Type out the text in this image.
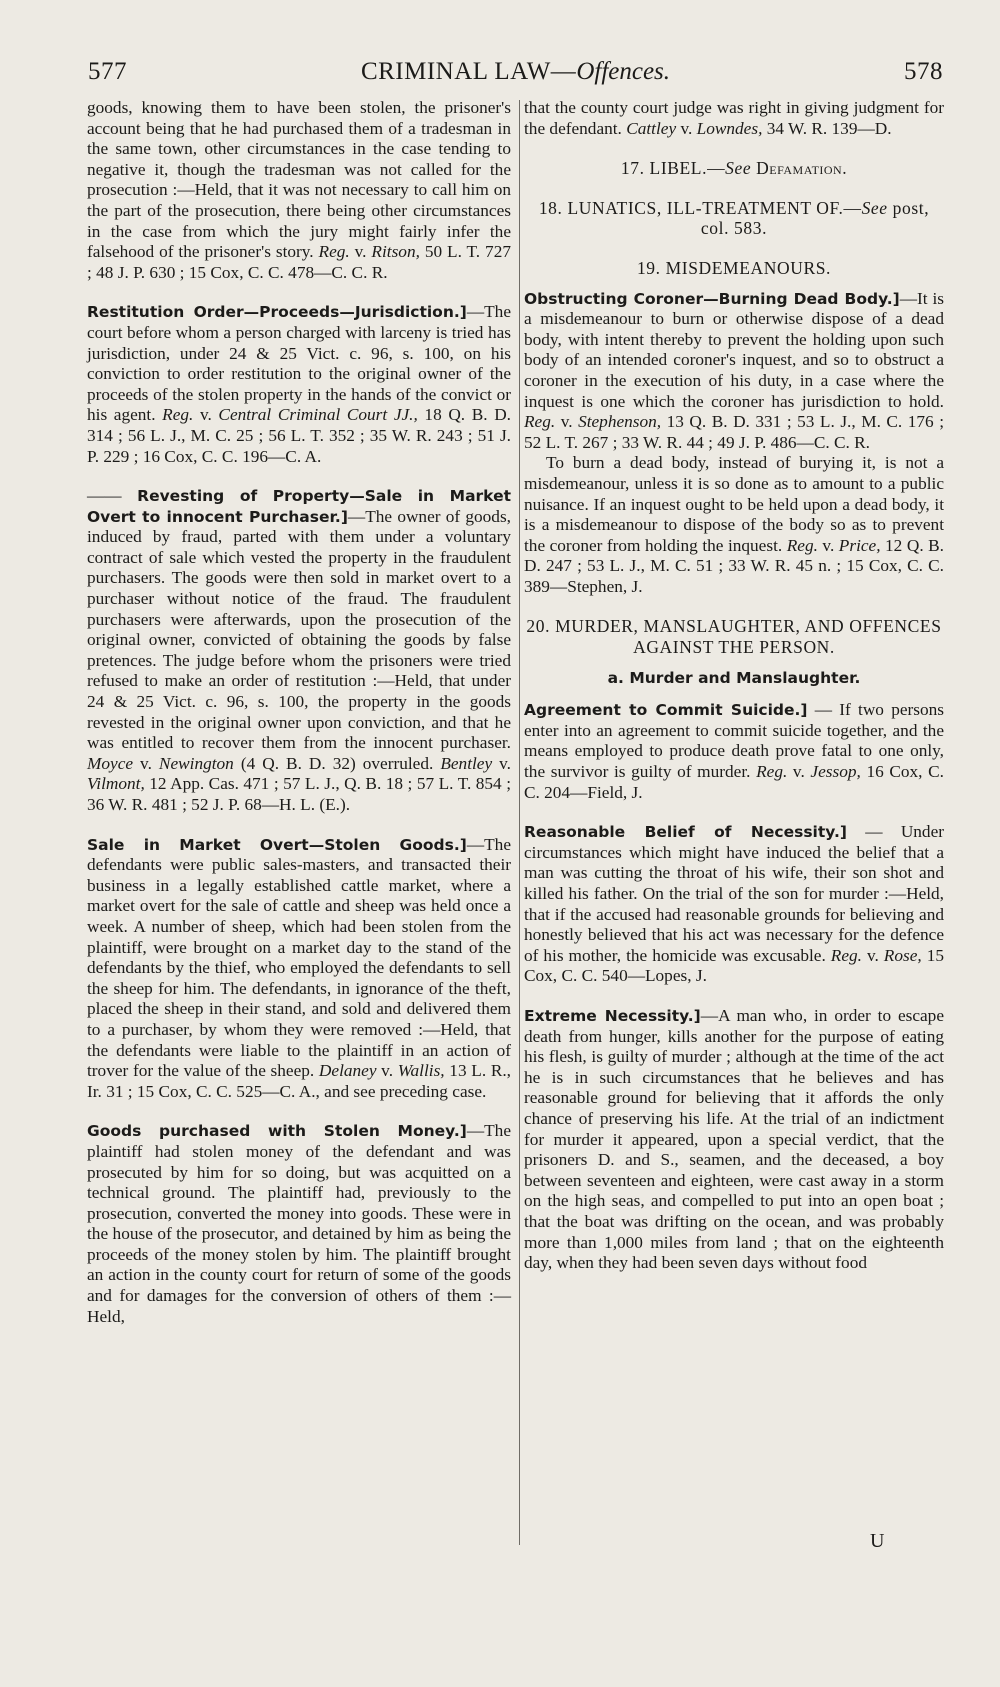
577	CRIMINAL LAW—Offences.	578

goods, knowing them to have been stolen, the prisoner's account being that he had purchased them of a tradesman in the same town, other circumstances in the case tending to negative it, though the tradesman was not called for the prosecution :—Held, that it was not necessary to call him on the part of the prosecution, there being other circumstances in the case from which the jury might fairly infer the falsehood of the prisoner's story. Reg. v. Ritson, 50 L. T. 727 ; 48 J. P. 630 ; 15 Cox, C. C. 478—C. C. R.

Restitution Order—Proceeds—Jurisdiction.]—The court before whom a person charged with larceny is tried has jurisdiction, under 24 & 25 Vict. c. 96, s. 100, on his conviction to order restitution to the original owner of the proceeds of the stolen property in the hands of the convict or his agent. Reg. v. Central Criminal Court JJ., 18 Q. B. D. 314 ; 56 L. J., M. C. 25 ; 56 L. T. 352 ; 35 W. R. 243 ; 51 J. P. 229 ; 16 Cox, C. C. 196—C. A.

—— Revesting of Property—Sale in Market Overt to innocent Purchaser.]—The owner of goods, induced by fraud, parted with them under a voluntary contract of sale which vested the property in the fraudulent purchasers. The goods were then sold in market overt to a purchaser without notice of the fraud. The fraudulent purchasers were afterwards, upon the prosecution of the original owner, convicted of obtaining the goods by false pretences. The judge before whom the prisoners were tried refused to make an order of restitution :—Held, that under 24 & 25 Vict. c. 96, s. 100, the property in the goods revested in the original owner upon conviction, and that he was entitled to recover them from the innocent purchaser. Moyce v. Newington (4 Q. B. D. 32) overruled. Bentley v. Vilmont, 12 App. Cas. 471 ; 57 L. J., Q. B. 18 ; 57 L. T. 854 ; 36 W. R. 481 ; 52 J. P. 68—H. L. (E.).

Sale in Market Overt—Stolen Goods.]—The defendants were public sales-masters, and transacted their business in a legally established cattle market, where a market overt for the sale of cattle and sheep was held once a week. A number of sheep, which had been stolen from the plaintiff, were brought on a market day to the stand of the defendants by the thief, who employed the defendants to sell the sheep for him. The defendants, in ignorance of the theft, placed the sheep in their stand, and sold and delivered them to a purchaser, by whom they were removed :—Held, that the defendants were liable to the plaintiff in an action of trover for the value of the sheep. Delaney v. Wallis, 13 L. R., Ir. 31 ; 15 Cox, C. C. 525—C. A., and see preceding case.

Goods purchased with Stolen Money.]—The plaintiff had stolen money of the defendant and was prosecuted by him for so doing, but was acquitted on a technical ground. The plaintiff had, previously to the prosecution, converted the money into goods. These were in the house of the prosecutor, and detained by him as being the proceeds of the money stolen by him. The plaintiff brought an action in the county court for return of some of the goods and for damages for the conversion of others of them :—Held,

that the county court judge was right in giving judgment for the defendant. Cattley v. Lowndes, 34 W. R. 139—D.

17. LIBEL.—See Defamation.

18. LUNATICS, ILL-TREATMENT OF.—See post, col. 583.

19. MISDEMEANOURS.

Obstructing Coroner—Burning Dead Body.]—It is a misdemeanour to burn or otherwise dispose of a dead body, with intent thereby to prevent the holding upon such body of an intended coroner's inquest, and so to obstruct a coroner in the execution of his duty, in a case where the inquest is one which the coroner has jurisdiction to hold. Reg. v. Stephenson, 13 Q. B. D. 331 ; 53 L. J., M. C. 176 ; 52 L. T. 267 ; 33 W. R. 44 ; 49 J. P. 486—C. C. R.

To burn a dead body, instead of burying it, is not a misdemeanour, unless it is so done as to amount to a public nuisance. If an inquest ought to be held upon a dead body, it is a misdemeanour to dispose of the body so as to prevent the coroner from holding the inquest. Reg. v. Price, 12 Q. B. D. 247 ; 53 L. J., M. C. 51 ; 33 W. R. 45 n. ; 15 Cox, C. C. 389—Stephen, J.

20. MURDER, MANSLAUGHTER, AND OFFENCES AGAINST THE PERSON.

a. Murder and Manslaughter.

Agreement to Commit Suicide.] — If two persons enter into an agreement to commit suicide together, and the means employed to produce death prove fatal to one only, the survivor is guilty of murder. Reg. v. Jessop, 16 Cox, C. C. 204—Field, J.

Reasonable Belief of Necessity.] — Under circumstances which might have induced the belief that a man was cutting the throat of his wife, their son shot and killed his father. On the trial of the son for murder :—Held, that if the accused had reasonable grounds for believing and honestly believed that his act was necessary for the defence of his mother, the homicide was excusable. Reg. v. Rose, 15 Cox, C. C. 540—Lopes, J.

Extreme Necessity.]—A man who, in order to escape death from hunger, kills another for the purpose of eating his flesh, is guilty of murder ; although at the time of the act he is in such circumstances that he believes and has reasonable ground for believing that it affords the only chance of preserving his life. At the trial of an indictment for murder it appeared, upon a special verdict, that the prisoners D. and S., seamen, and the deceased, a boy between seventeen and eighteen, were cast away in a storm on the high seas, and compelled to put into an open boat ; that the boat was drifting on the ocean, and was probably more than 1,000 miles from land ; that on the eighteenth day, when they had been seven days without food

U
